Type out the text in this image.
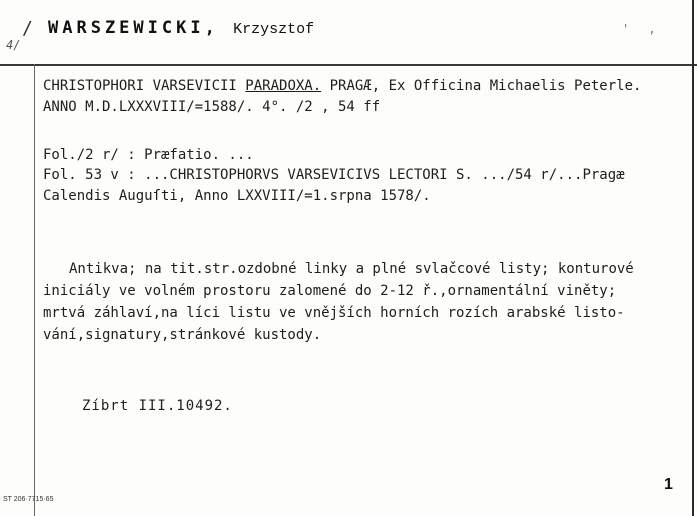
/
4/
' ,
WARSZEWICKI, Krzysztof
CHRISTOPHORI VARSEVICII PARADOXA. PRAGÆ, Ex Officina Michaelis Peterle.
ANNO M.D.LXXXVIII/=1588/. 4°. /2 , 54 ff
Fol./2 r/ : Præfatio. ...
Fol. 53 v : ...CHRISTOPHORVS VARSEVICIVS LECTORI S. .../54 r/...Pragæ
Calendis Auguſti, Anno LXXVIII/=1.srpna 1578/.
Antikva; na tit.str.ozdobné linky a plné svlačcové listy; konturové
iniciály ve volném prostoru zalomené do 2-12 ř.,ornamentální viněty;
mrtvá záhlaví,na líci listu ve vnějších horních rozích arabské listo-
vání,signatury,stránkové kustody.
Zíbrt III.10492.
ST 206·7715·65
1
